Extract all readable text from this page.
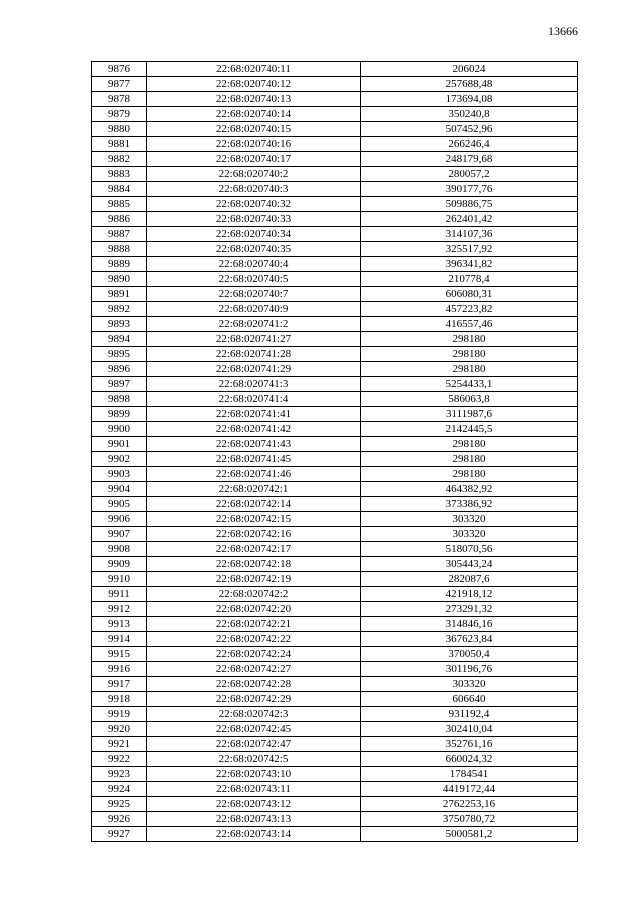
13666
9876	22:68:020740:11	206024
9877	22:68:020740:12	257688,48
9878	22:68:020740:13	173694,08
9879	22:68:020740:14	350240,8
9880	22:68:020740:15	507452,96
9881	22:68:020740:16	266246,4
9882	22:68:020740:17	248179,68
9883	22:68:020740:2	280057,2
9884	22:68:020740:3	390177,76
9885	22:68:020740:32	509886,75
9886	22:68:020740:33	262401,42
9887	22:68:020740:34	314107,36
9888	22:68:020740:35	325517,92
9889	22:68:020740:4	396341,82
9890	22:68:020740:5	210778,4
9891	22:68:020740:7	606080,31
9892	22:68:020740:9	457223,82
9893	22:68:020741:2	416557,46
9894	22:68:020741:27	298180
9895	22:68:020741:28	298180
9896	22:68:020741:29	298180
9897	22:68:020741:3	5254433,1
9898	22:68:020741:4	586063,8
9899	22:68:020741:41	3111987,6
9900	22:68:020741:42	2142445,5
9901	22:68:020741:43	298180
9902	22:68:020741:45	298180
9903	22:68:020741:46	298180
9904	22:68:020742:1	464382,92
9905	22:68:020742:14	373386,92
9906	22:68:020742:15	303320
9907	22:68:020742:16	303320
9908	22:68:020742:17	518070,56
9909	22:68:020742:18	305443,24
9910	22:68:020742:19	282087,6
9911	22:68:020742:2	421918,12
9912	22:68:020742:20	273291,32
9913	22:68:020742:21	314846,16
9914	22:68:020742:22	367623,84
9915	22:68:020742:24	370050,4
9916	22:68:020742:27	301196,76
9917	22:68:020742:28	303320
9918	22:68:020742:29	606640
9919	22:68:020742:3	931192,4
9920	22:68:020742:45	302410,04
9921	22:68:020742:47	352761,16
9922	22:68:020742:5	660024,32
9923	22:68:020743:10	1784541
9924	22:68:020743:11	4419172,44
9925	22:68:020743:12	2762253,16
9926	22:68:020743:13	3750780,72
9927	22:68:020743:14	5000581,2
